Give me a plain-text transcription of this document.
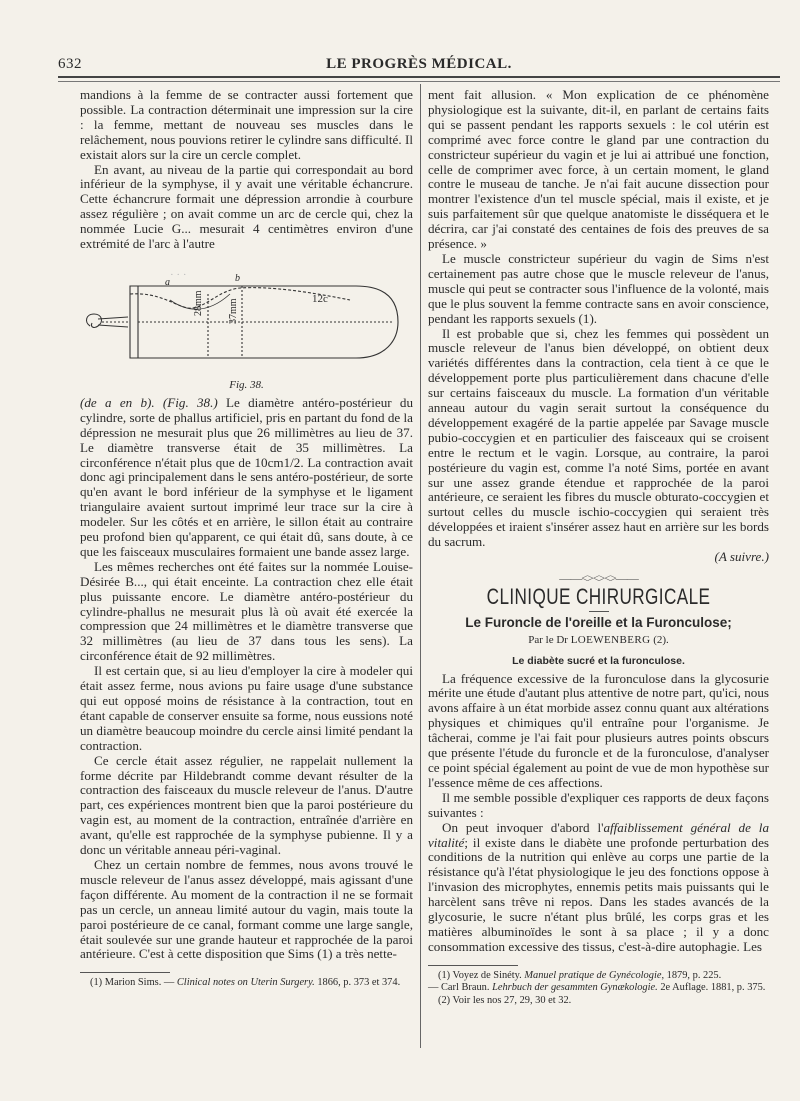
632	LE PROGRÈS MÉDICAL.

mandions à la femme de se contracter aussi fortement que possible. La contraction déterminait une impression sur la cire : la femme, mettant de nouveau ses muscles dans le relâchement, nous pouvions retirer le cylindre sans difficulté. Il existait alors sur la cire un cercle complet.

En avant, au niveau de la partie qui correspondait au bord inférieur de la symphyse, il y avait une véritable échancrure. Cette échancrure formait une dépression arrondie à courbure assez régulière ; on avait comme un arc de cercle qui, chez la nommée Lucie G... mesurait 4 centimètres environ d'une extrémité de l'arc à l'autre

· · ·
a	b
28mm 37mm	12c
Fig. 38.

(de a en b). (Fig. 38.) Le diamètre antéro-postérieur du cylindre, sorte de phallus artificiel, pris en partant du fond de la dépression ne mesurait plus que 26 millimètres au lieu de 37. Le diamètre transverse était de 35 millimètres. La circonférence n'était plus que de 10cm1/2. La contraction avait donc agi principalement dans le sens antéro-postérieur, de sorte qu'en avant le bord inférieur de la symphyse et le ligament triangulaire avaient surtout imprimé leur trace sur la cire à modeler. Sur les côtés et en arrière, le sillon était au contraire peu profond bien qu'apparent, ce qui était dû, sans doute, à ce que les faisceaux musculaires formaient une bande assez large.

Les mêmes recherches ont été faites sur la nommée Louise-Désirée B..., qui était enceinte. La contraction chez elle était plus puissante encore. Le diamètre antéro-postérieur du cylindre-phallus ne mesurait plus là où avait été exercée la compression que 24 millimètres et le diamètre transverse que 32 millimètres (au lieu de 37 dans tous les sens). La circonférence était de 92 millimètres.

Il est certain que, si au lieu d'employer la cire à modeler qui était assez ferme, nous avions pu faire usage d'une substance qui eut opposé moins de résistance à la contraction, tout en étant capable de conserver ensuite sa forme, nous eussions noté un diamètre beaucoup moindre du cercle ainsi limité pendant la contraction.

Ce cercle était assez régulier, ne rappelait nullement la forme décrite par Hildebrandt comme devant résulter de la contraction des faisceaux du muscle releveur de l'anus. D'autre part, ces expériences montrent bien que la paroi postérieure du vagin est, au moment de la contraction, entraînée d'arrière en avant, qu'elle est rapprochée de la symphyse pubienne. Il y a donc un véritable anneau péri-vaginal.

Chez un certain nombre de femmes, nous avons trouvé le muscle releveur de l'anus assez développé, mais agissant d'une façon différente. Au moment de la contraction il ne se formait pas un cercle, un anneau limité autour du vagin, mais toute la paroi postérieure de ce canal, formant comme une large sangle, était soulevée sur une grande hauteur et rapprochée de la paroi antérieure. C'est à cette disposition que Sims (1) a très nette-

(1) Marion Sims. — Clinical notes on Uterin Surgery. 1866, p. 373 et 374.

ment fait allusion. « Mon explication de ce phénomène physiologique est la suivante, dit-il, en parlant de certains faits qui se passent pendant les rapports sexuels : le col utérin est comprimé avec force contre le gland par une contraction du constricteur supérieur du vagin et je lui ai attribué une fonction, celle de comprimer avec force, à un certain moment, le gland contre le museau de tanche. Je n'ai fait aucune dissection pour montrer l'existence d'un tel muscle spécial, mais il existe, et je suis parfaitement sûr que quelque anatomiste le disséquera et le décrira, car j'ai constaté des centaines de fois des preuves de sa présence. »

Le muscle constricteur supérieur du vagin de Sims n'est certainement pas autre chose que le muscle releveur de l'anus, muscle qui peut se contracter sous l'influence de la volonté, mais que le plus souvent la femme contracte sans en avoir conscience, pendant les rapports sexuels (1).

Il est probable que si, chez les femmes qui possèdent un muscle releveur de l'anus bien développé, on obtient deux variétés différentes dans la contraction, cela tient à ce que le développement porte plus particulièrement dans chacune d'elle sur certains faisceaux du muscle. La formation d'un véritable anneau autour du vagin serait surtout la conséquence du développement exagéré de la partie appelée par Savage muscle pubio-coccygien et en particulier des faisceaux qui se croisent entre le rectum et le vagin. Lorsque, au contraire, la paroi postérieure du vagin est, comme l'a noté Sims, portée en avant sur une assez grande étendue et rapprochée de la paroi antérieure, ce seraient les fibres du muscle obturato-coccygien et surtout celles du muscle ischio-coccygien qui seraient très développées et iraient s'insérer assez haut en arrière sur les bords du sacrum.

(A suivre.)

——<><><>——
CLINIQUE CHIRURGICALE
Le Furoncle de l'oreille et la Furonculose;
Par le Dr LOEWENBERG (2).
Le diabète sucré et la furonculose.

La fréquence excessive de la furonculose dans la glycosurie mérite une étude d'autant plus attentive de notre part, qu'ici, nous avons affaire à un état morbide assez connu quant aux altérations physiques et chimiques qu'il entraîne pour l'organisme. Je tâcherai, comme je l'ai fait pour plusieurs autres points obscurs que présente l'étude du furoncle et de la furonculose, d'analyser ce point spécial également au point de vue de mon hypothèse sur l'essence même de ces affections.

Il me semble possible d'expliquer ces rapports de deux façons suivantes :

On peut invoquer d'abord l'affaiblissement général de la vitalité; il existe dans le diabète une profonde perturbation des conditions de la nutrition qui enlève au corps une partie de la résistance qu'à l'état physiologique le jeu des fonctions oppose à l'invasion des microphytes, ennemis petits mais puissants qui le harcèlent sans trêve ni repos. Dans les stades avancés de la glycosurie, le sucre n'étant plus brûlé, les corps gras et les matières albuminoïdes le sont à sa place ; il y a donc consommation excessive des tissus, c'est-à-dire autophagie. Les

(1) Voyez de Sinéty. Manuel pratique de Gynécologie, 1879, p. 225.

— Carl Braun. Lehrbuch der gesammten Gynækologie. 2e Auflage. 1881, p. 375.

(2) Voir les nos 27, 29, 30 et 32.
